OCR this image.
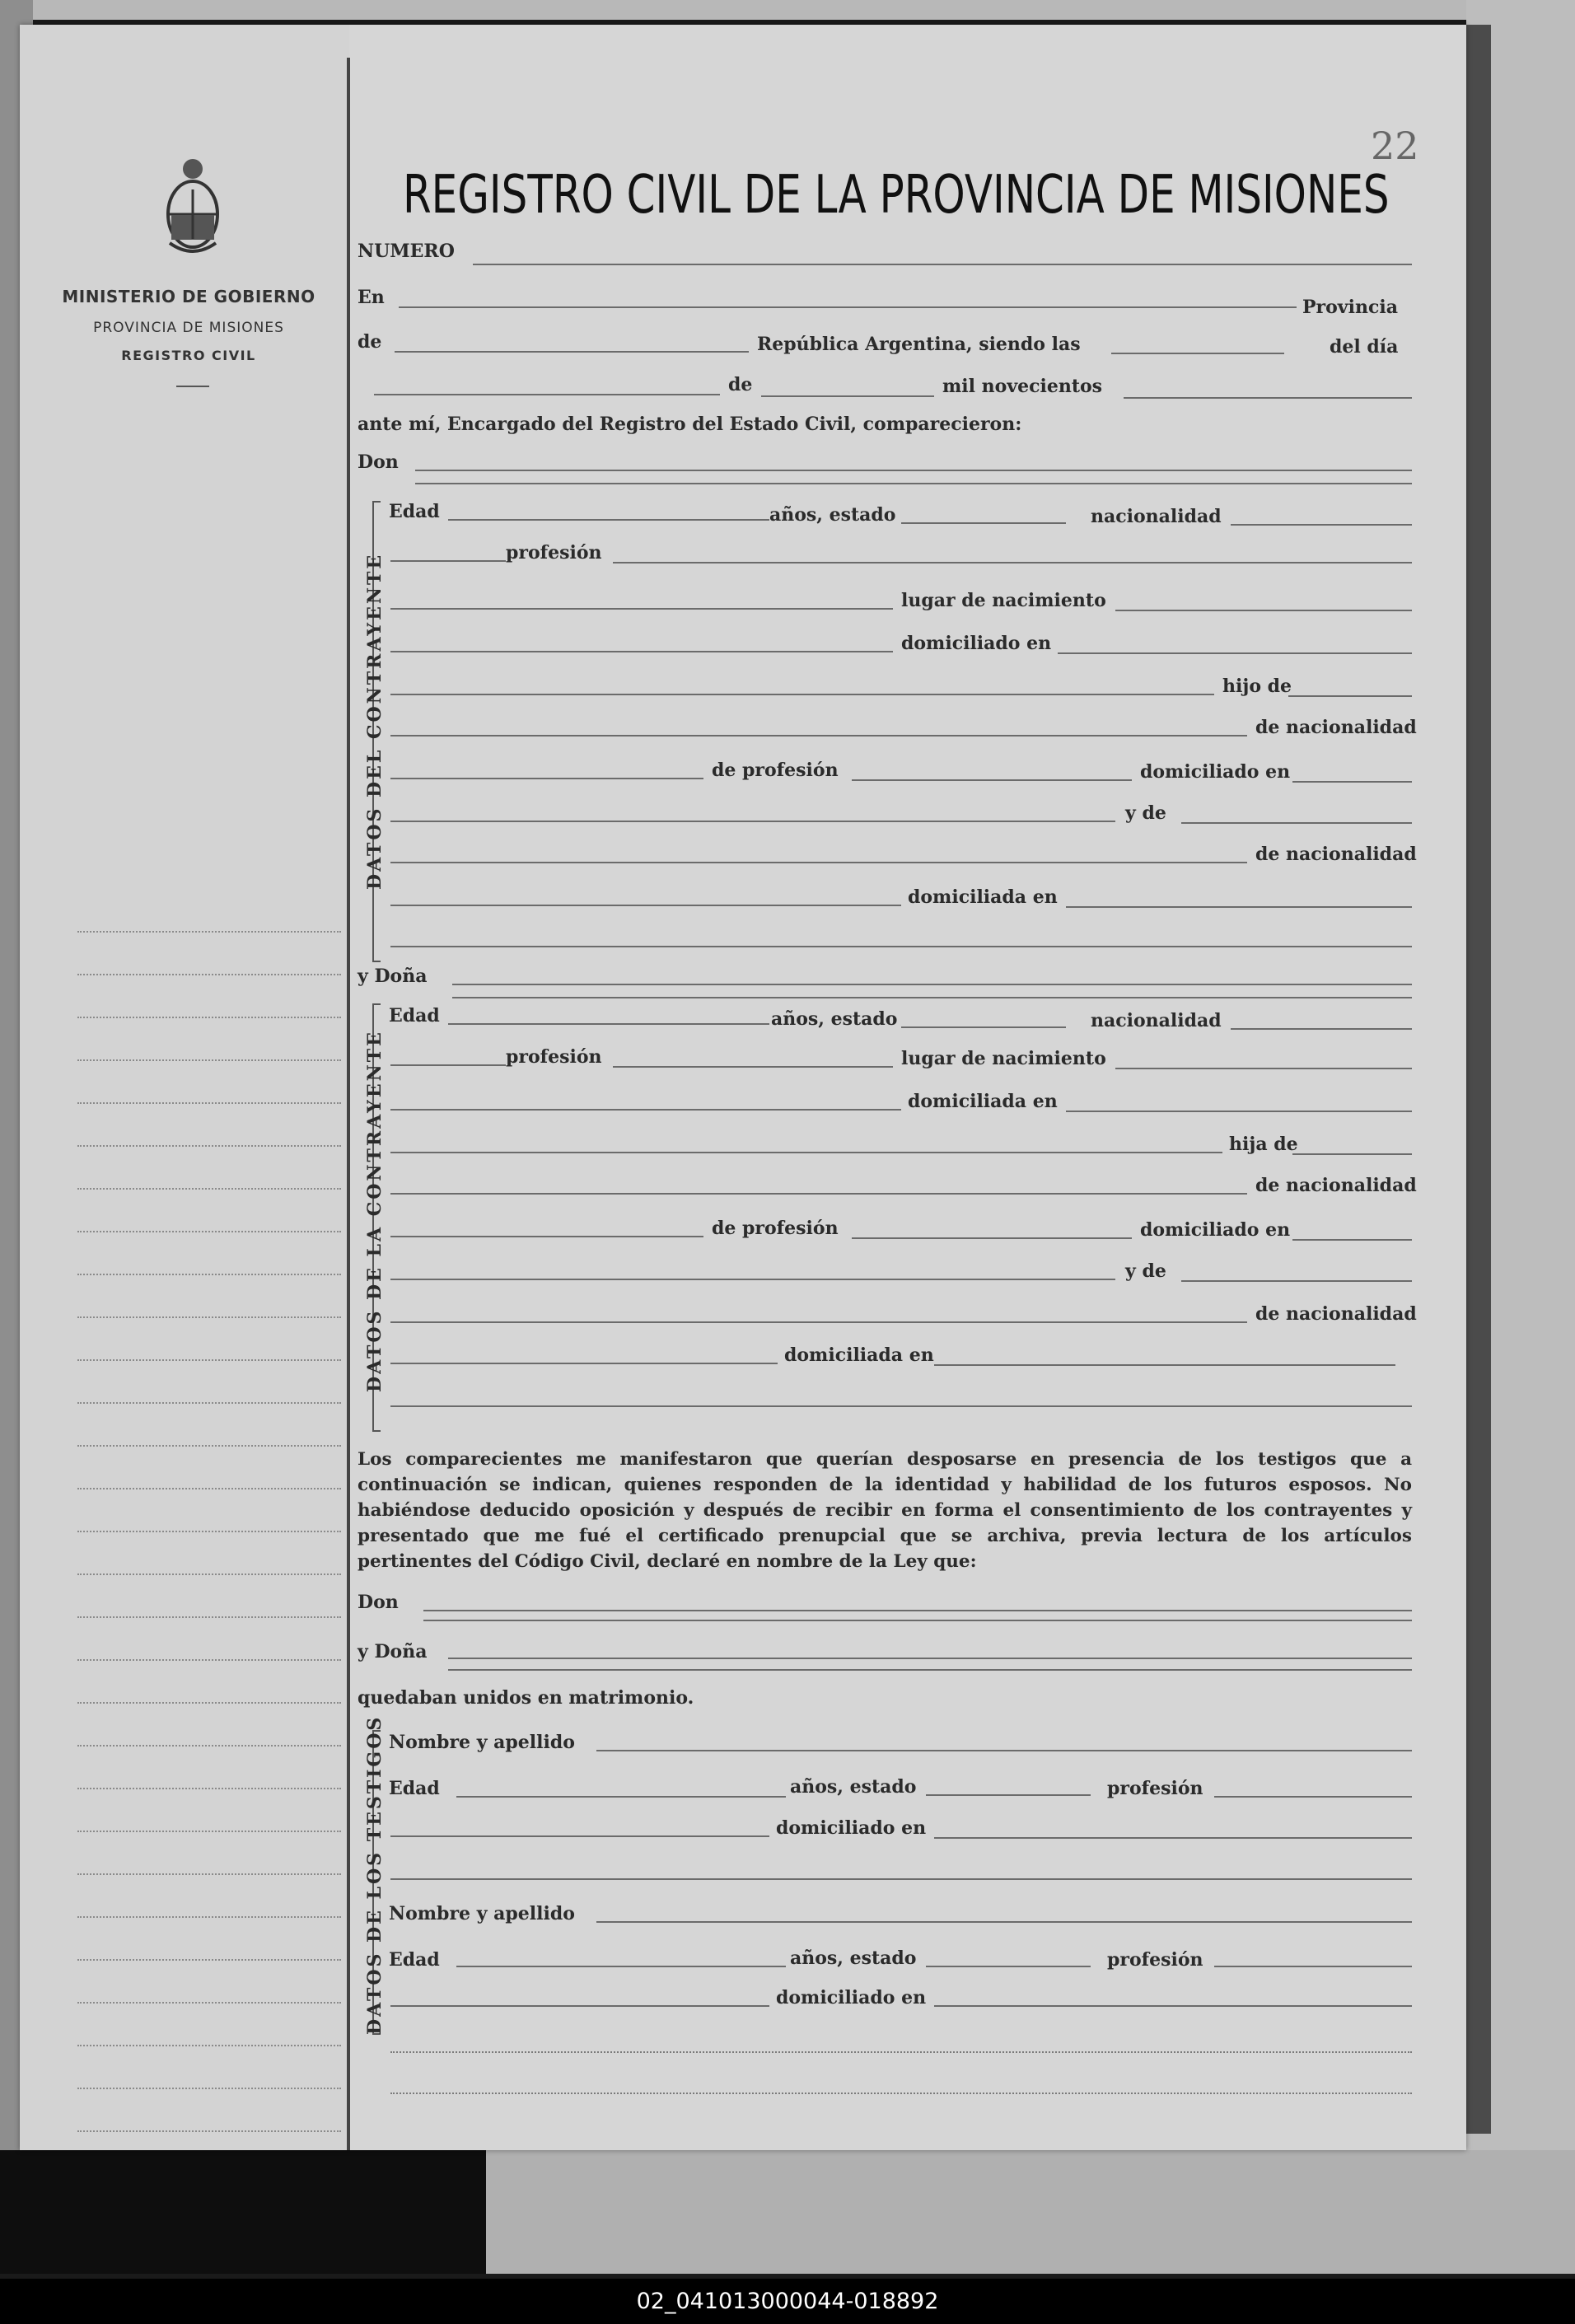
MINISTERIO DE GOBIERNO
PROVINCIA DE MISIONES
REGISTRO CIVIL
REGISTRO CIVIL DE LA PROVINCIA DE MISIONES
22
NUMERO
En	Provincia
de	República Argentina, siendo las	del día
de	mil novecientos
ante mí, Encargado del Registro del Estado Civil, comparecieron:
Don
DATOS DEL CONTRAYENTE
Edad	años, estado	nacionalidad
profesión
lugar de nacimiento
domiciliado en
hijo de
de nacionalidad
de profesión	domiciliado en
y de
de nacionalidad
domiciliada en
y Doña
DATOS DE LA CONTRAYENTE
Edad	años, estado	nacionalidad
profesión	lugar de nacimiento
domiciliada en
hija de
de nacionalidad
de profesión	domiciliado en
y de
de nacionalidad
domiciliada en
Los comparecientes me manifestaron que querían desposarse en presencia de los testigos que a continuación se indican, quienes responden de la identidad y habilidad de los futuros esposos. No habiéndose deducido oposición y después de recibir en forma el consentimiento de los contrayentes y presentado que me fué el certificado prenupcial que se archiva, previa lectura de los artículos pertinentes del Código Civil, declaré en nombre de la Ley que:
Don
y Doña
quedaban unidos en matrimonio.
DATOS DE LOS TESTIGOS Nombre y apellido
Edad	años, estado	profesión
domiciliado en
Nombre y apellido
Edad	años, estado	profesión
domiciliado en
02_041013000044-018892
